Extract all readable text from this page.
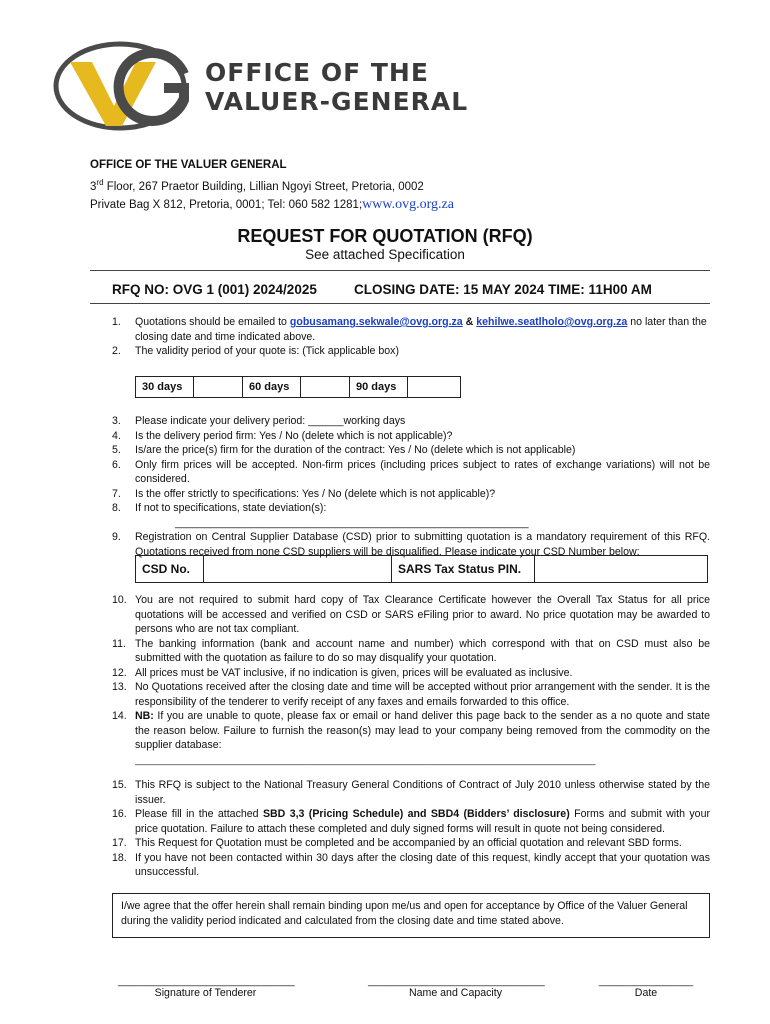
OFFICE OF THE
VALUER-GENERAL
OFFICE OF THE VALUER GENERAL
3rd Floor, 267 Praetor Building, Lillian Ngoyi Street, Pretoria, 0002
Private Bag X 812, Pretoria, 0001; Tel: 060 582 1281;www.ovg.org.za
REQUEST FOR QUOTATION (RFQ)
See attached Specification
RFQ NO: OVG 1 (001) 2024/2025	CLOSING DATE: 15 MAY 2024 TIME: 11H00 AM
1.	Quotations should be emailed to gobusamang.sekwale@ovg.org.za & kehilwe.seatlholo@ovg.org.za no later than the closing date and time indicated above.
2.	The validity period of your quote is: (Tick applicable box)
30 days		60 days		90 days	
3.	Please indicate your delivery period: ______working days
4.	Is the delivery period firm: Yes / No (delete which is not applicable)?
5.	Is/are the price(s) firm for the duration of the contract: Yes / No (delete which is not applicable)
6.	Only firm prices will be accepted. Non-firm prices (including prices subject to rates of exchange variations) will not be considered.
7.	Is the offer strictly to specifications: Yes / No (delete which is not applicable)?
8.	If not to specifications, state deviation(s): ____________________________________________________________
9.	Registration on Central Supplier Database (CSD) prior to submitting quotation is a mandatory requirement of this RFQ. Quotations received from none CSD suppliers will be disqualified. Please indicate your CSD Number below:
CSD No.		SARS Tax Status PIN.	
10. You are not required to submit hard copy of Tax Clearance Certificate however the Overall Tax Status for all price quotations will be accessed and verified on CSD or SARS eFiling prior to award. No price quotation may be awarded to persons who are not tax compliant.
11. The banking information (bank and account name and number) which correspond with that on CSD must also be submitted with the quotation as failure to do so may disqualify your quotation.
12. All prices must be VAT inclusive, if no indication is given, prices will be evaluated as inclusive.
13. No Quotations received after the closing date and time will be accepted without prior arrangement with the sender. It is the responsibility of the tenderer to verify receipt of any faxes and emails forwarded to this office.
14. NB: If you are unable to quote, please fax or email or hand deliver this page back to the sender as a no quote and state the reason below. Failure to furnish the reason(s) may lead to your company being removed from the commodity on the supplier database:
____________________________________________________________________________________________
15. This RFQ is subject to the National Treasury General Conditions of Contract of July 2010 unless otherwise stated by the issuer.
16. Please fill in the attached SBD 3,3 (Pricing Schedule) and SBD4 (Bidders’ disclosure) Forms and submit with your price quotation. Failure to attach these completed and duly signed forms will result in quote not being considered.
17. This Request for Quotation must be completed and be accompanied by an official quotation and relevant SBD forms.
18. If you have not been contacted within 30 days after the closing date of this request, kindly accept that your quotation was unsuccessful.
I/we agree that the offer herein shall remain binding upon me/us and open for acceptance by Office of the Valuer General during the validity period indicated and calculated from the closing date and time stated above.
______________________________
Signature of Tenderer
______________________________
Name and Capacity
________________
Date
